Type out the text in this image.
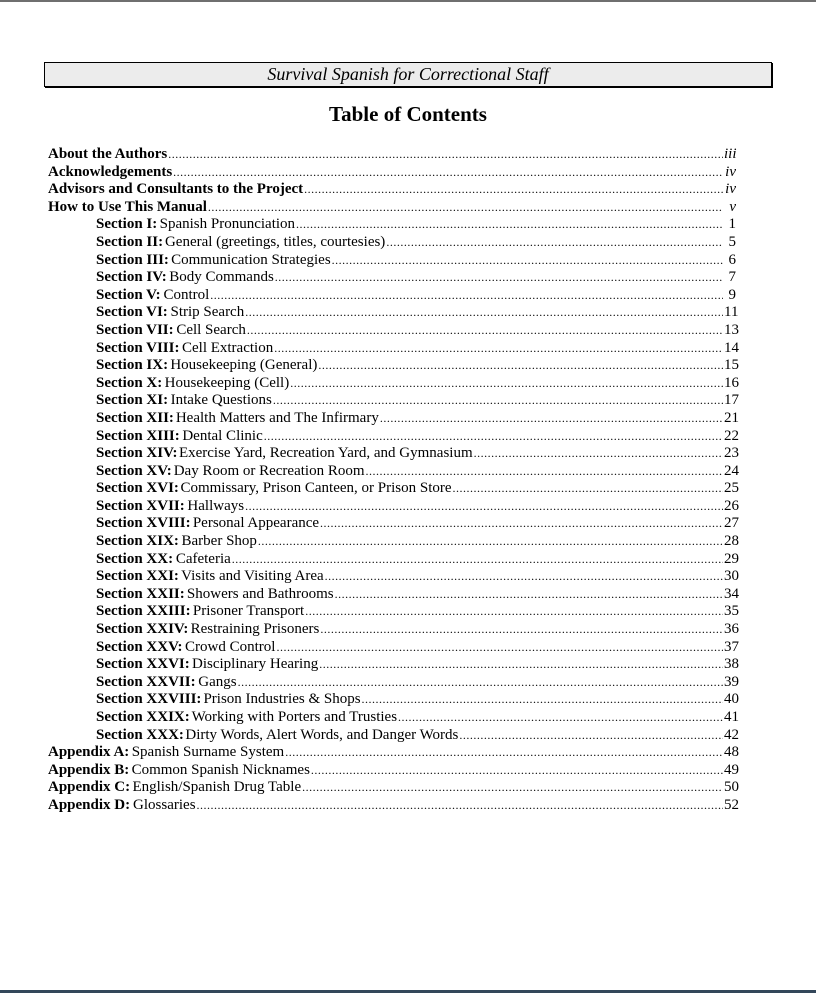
Survival Spanish for Correctional Staff
Table of Contents
About the Authors .....	iii
Acknowledgements .....	iv
Advisors and Consultants to the Project .....	iv
How to Use This Manual .....	v
Section I: Spanish Pronunciation .....	1
Section II: General (greetings, titles, courtesies) .....	5
Section III: Communication Strategies .....	6
Section IV: Body Commands .....	7
Section V: Control .....	9
Section VI: Strip Search .....	11
Section VII: Cell Search .....	13
Section VIII: Cell Extraction .....	14
Section IX: Housekeeping (General) .....	15
Section X: Housekeeping (Cell) .....	16
Section XI: Intake Questions .....	17
Section XII: Health Matters and The Infirmary .....	21
Section XIII: Dental Clinic .....	22
Section XIV: Exercise Yard, Recreation Yard, and Gymnasium .....	23
Section XV: Day Room or Recreation Room .....	24
Section XVI: Commissary, Prison Canteen, or Prison Store .....	25
Section XVII: Hallways .....	26
Section XVIII: Personal Appearance .....	27
Section XIX: Barber Shop .....	28
Section XX: Cafeteria .....	29
Section XXI: Visits and Visiting Area .....	30
Section XXII: Showers and Bathrooms .....	34
Section XXIII: Prisoner Transport .....	35
Section XXIV: Restraining Prisoners .....	36
Section XXV: Crowd Control .....	37
Section XXVI: Disciplinary Hearing .....	38
Section XXVII: Gangs .....	39
Section XXVIII: Prison Industries & Shops .....	40
Section XXIX: Working with Porters and Trusties .....	41
Section XXX: Dirty Words, Alert Words, and Danger Words .....	42
Appendix A: Spanish Surname System .....	48
Appendix B: Common Spanish Nicknames .....	49
Appendix C: English/Spanish Drug Table .....	50
Appendix D: Glossaries .....	52
